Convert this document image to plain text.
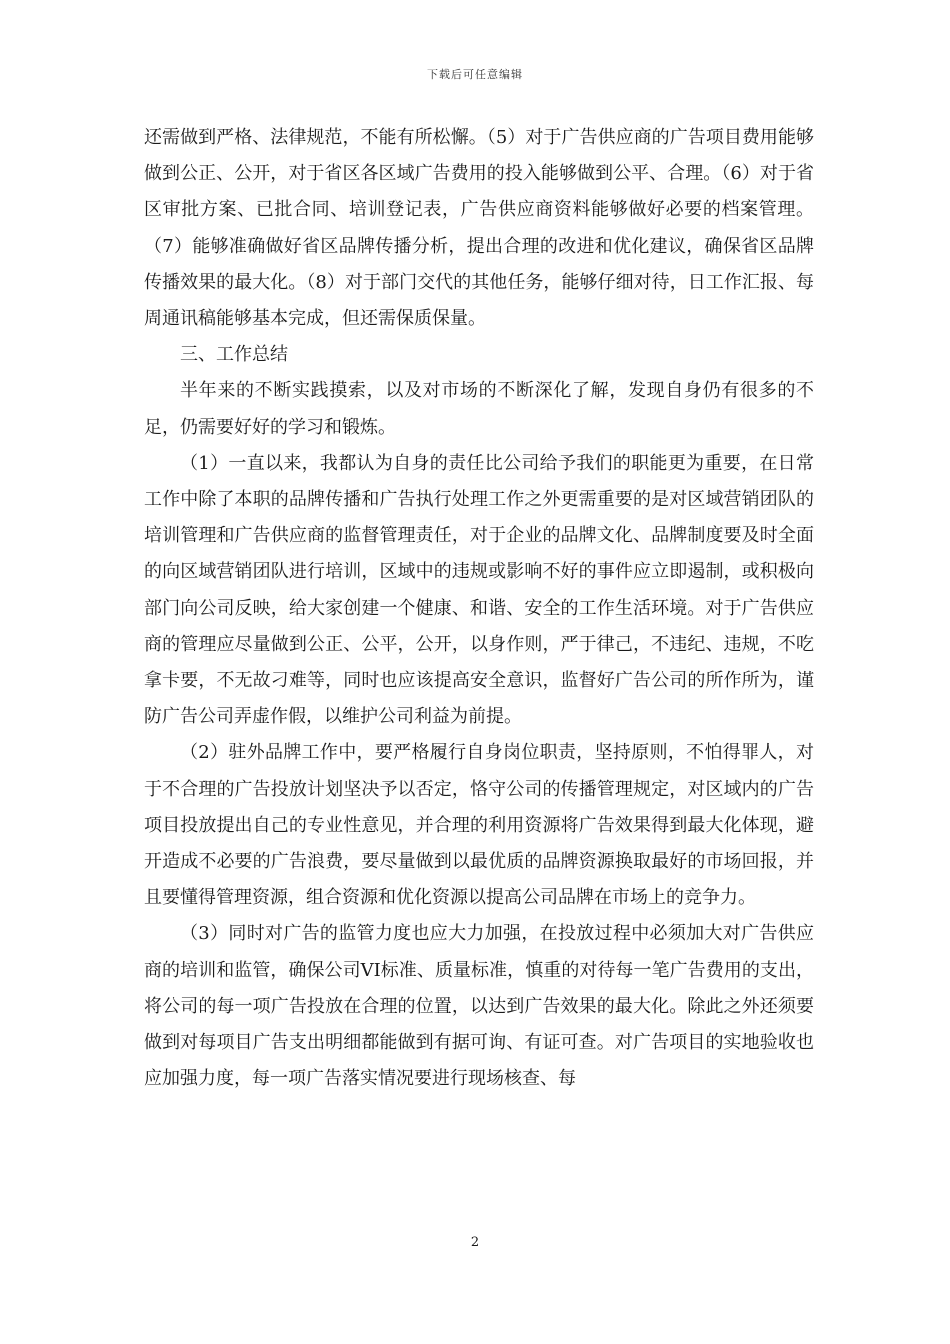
下载后可任意编辑

还需做到严格、法律规范，不能有所松懈。（5）对于广告供应商的广告项目费用能够做到公正、公开，对于省区各区域广告费用的投入能够做到公平、合理。（6）对于省区审批方案、已批合同、培训登记表，广告供应商资料能够做好必要的档案管理。（7）能够准确做好省区品牌传播分析，提出合理的改进和优化建议，确保省区品牌传播效果的最大化。（8）对于部门交代的其他任务，能够仔细对待，日工作汇报、每周通讯稿能够基本完成，但还需保质保量。

三、工作总结

半年来的不断实践摸索，以及对市场的不断深化了解，发现自身仍有很多的不足，仍需要好好的学习和锻炼。

（1）一直以来，我都认为自身的责任比公司给予我们的职能更为重要，在日常工作中除了本职的品牌传播和广告执行处理工作之外更需重要的是对区域营销团队的培训管理和广告供应商的监督管理责任，对于企业的品牌文化、品牌制度要及时全面的向区域营销团队进行培训，区域中的违规或影响不好的事件应立即遏制，或积极向部门向公司反映，给大家创建一个健康、和谐、安全的工作生活环境。对于广告供应商的管理应尽量做到公正、公平，公开，以身作则，严于律己，不违纪、违规，不吃拿卡要，不无故刁难等，同时也应该提高安全意识，监督好广告公司的所作所为，谨防广告公司弄虚作假，以维护公司利益为前提。

（2）驻外品牌工作中，要严格履行自身岗位职责，坚持原则，不怕得罪人，对于不合理的广告投放计划坚决予以否定，恪守公司的传播管理规定，对区域内的广告项目投放提出自己的专业性意见，并合理的利用资源将广告效果得到最大化体现，避开造成不必要的广告浪费，要尽量做到以最优质的品牌资源换取最好的市场回报，并且要懂得管理资源，组合资源和优化资源以提高公司品牌在市场上的竞争力。

（3）同时对广告的监管力度也应大力加强，在投放过程中必须加大对广告供应商的培训和监管，确保公司VI标准、质量标准，慎重的对待每一笔广告费用的支出，将公司的每一项广告投放在合理的位置，以达到广告效果的最大化。除此之外还须要做到对每项目广告支出明细都能做到有据可询、有证可查。对广告项目的实地验收也应加强力度，每一项广告落实情况要进行现场核查、每

2
